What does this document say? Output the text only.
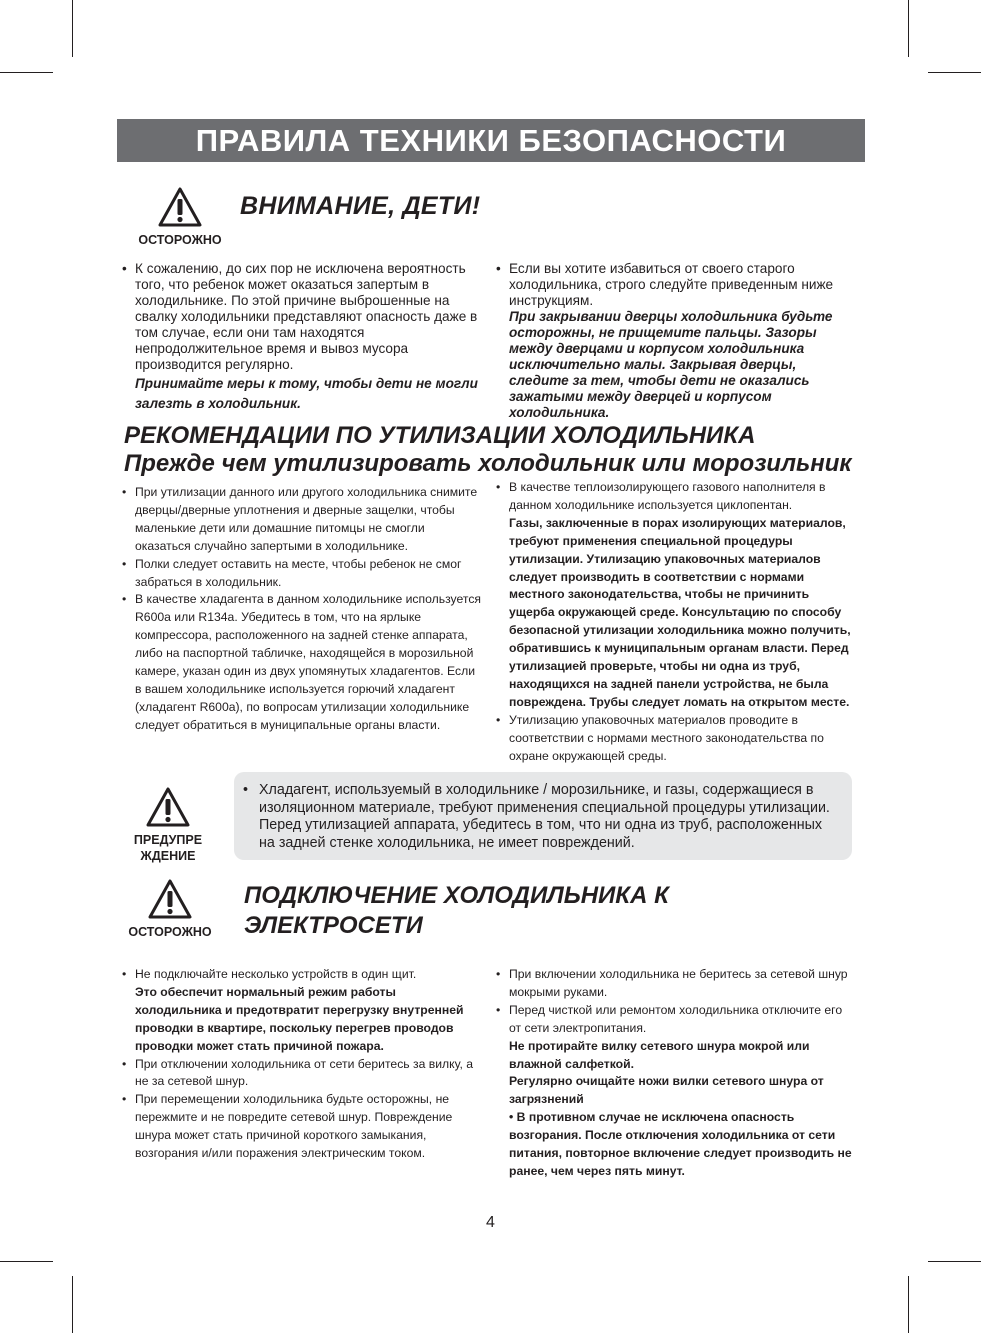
ПРАВИЛА ТЕХНИКИ БЕЗОПАСНОСТИ
ОСТОРОЖНО
ВНИМАНИЕ, ДЕТИ!

• К сожалению, до сих пор не исключена вероятность того, что ребенок может оказаться запертым в холодильнике. По этой причине выброшенные на свалку холодильники представляют опасность даже в том случае, если они там находятся непродолжительное время и вывоз мусора производится регулярно.

Принимайте меры к тому, чтобы дети не могли залезть в холодильник.

• Если вы хотите избавиться от своего старого холодильника, строго следуйте приведенным ниже инструкциям.

При закрывании дверцы холодильника будьте осторожны, не прищемите пальцы. Зазоры между дверцами и корпусом холодильника исключительно малы. Закрывая дверцы, следите за тем, чтобы дети не оказались зажатыми между дверцей и корпусом холодильника.

РЕКОМЕНДАЦИИ ПО УТИЛИЗАЦИИ ХОЛОДИЛЬНИКА
Прежде чем утилизировать холодильник или морозильник

• При утилизации данного или другого холодильника снимите дверцы/дверные уплотнения и дверные защелки, чтобы маленькие дети или домашние питомцы не смогли оказаться случайно запертыми в холодильнике.

• Полки следует оставить на месте, чтобы ребенок не смог забраться в холодильник.

• В качестве хладагента в данном холодильнике используется R600a или R134a. Убедитесь в том, что на ярлыке компрессора, расположенного на задней стенке аппарата, либо на паспортной табличке, находящейся в морозильной камере, указан один из двух упомянутых хладагентов. Если в вашем холодильнике используется горючий хладагент (хладагент R600a), по вопросам утилизации холодильнике следует обратиться в муниципальные органы власти.

• В качестве теплоизолирующего газового наполнителя в данном холодильнике используется циклопентан.

Газы, заключенные в порах изолирующих материалов, требуют применения специальной процедуры утилизации. Утилизацию упаковочных материалов следует производить в соответствии с нормами местного законодательства, чтобы не причинить ущерба окружающей среде. Консультацию по способу безопасной утилизации холодильника можно получить, обратившись к муниципальным органам власти. Перед утилизацией проверьте, чтобы ни одна из труб, находящихся на задней панели устройства, не была повреждена. Трубы следует ломать на открытом месте.

• Утилизацию упаковочных материалов проводите в соответствии с нормами местного законодательства по охране окружающей среды.

ПРЕДУПРЕ
ЖДЕНИЕ

• Хладагент, используемый в холодильнике / морозильнике, и газы, содержащиеся в изоляционном материале, требуют применения специальной процедуры утилизации. Перед утилизацией аппарата, убедитесь в том, что ни одна из труб, расположенных на задней стенке холодильника, не имеет повреждений.

ОСТОРОЖНО
ПОДКЛЮЧЕНИЕ ХОЛОДИЛЬНИКА К
ЭЛЕКТРОСЕТИ

• Не подключайте несколько устройств в один щит.

Это обеспечит нормальный режим работы холодильника и предотвратит перегрузку внутренней проводки в квартире, поскольку перегрев проводов проводки может стать причиной пожара.

• При отключении холодильника от сети беритесь за вилку, а не за сетевой шнур.

• При перемещении холодильника будьте осторожны, не пережмите и не повредите сетевой шнур. Повреждение шнура может стать причиной короткого замыкания, возгорания и/или поражения электрическим током.

• При включении холодильника не беритесь за сетевой шнур мокрыми руками.

• Перед чисткой или ремонтом холодильника отключите его от сети электропитания.

Не протирайте вилку сетевого шнура мокрой или влажной салфеткой.

Регулярно очищайте ножи вилки сетевого шнура от загрязнений

• В противном случае не исключена опасность возгорания. После отключения холодильника от сети питания, повторное включение следует производить не ранее, чем через пять минут.

4
